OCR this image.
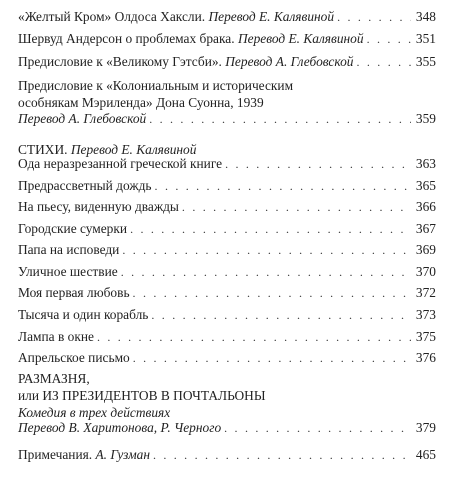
«Желтый Кром» Олдоса Хаксли. Перевод Е. Калявиной . . .	348
Шервуд Андерсон о проблемах брака. Перевод Е. Калявиной . . .	351
Предисловие к «Великому Гэтсби». Перевод А. Глебовской . . .	355
Предисловие к «Колониальным и историческим
особнякам Мэриленда» Дона Суонна, 1939
Перевод А. Глебовской . . .	359
СТИХИ. Перевод Е. Калявиной
Ода неразрезанной греческой книге . . .	363
Предрассветный дождь . . .	365
На пьесу, виденную дважды . . .	366
Городские сумерки . . .	367
Папа на исповеди . . .	369
Уличное шествие . . .	370
Моя первая любовь . . .	372
Тысяча и один корабль . . .	373
Лампа в окне . . .	375
Апрельское письмо . . .	376
РАЗМАЗНЯ,
или ИЗ ПРЕЗИДЕНТОВ В ПОЧТАЛЬОНЫ
Комедия в трех действиях
Перевод В. Харитонова, Р. Черного . . .	379
Примечания. А. Гузман . . .	465
